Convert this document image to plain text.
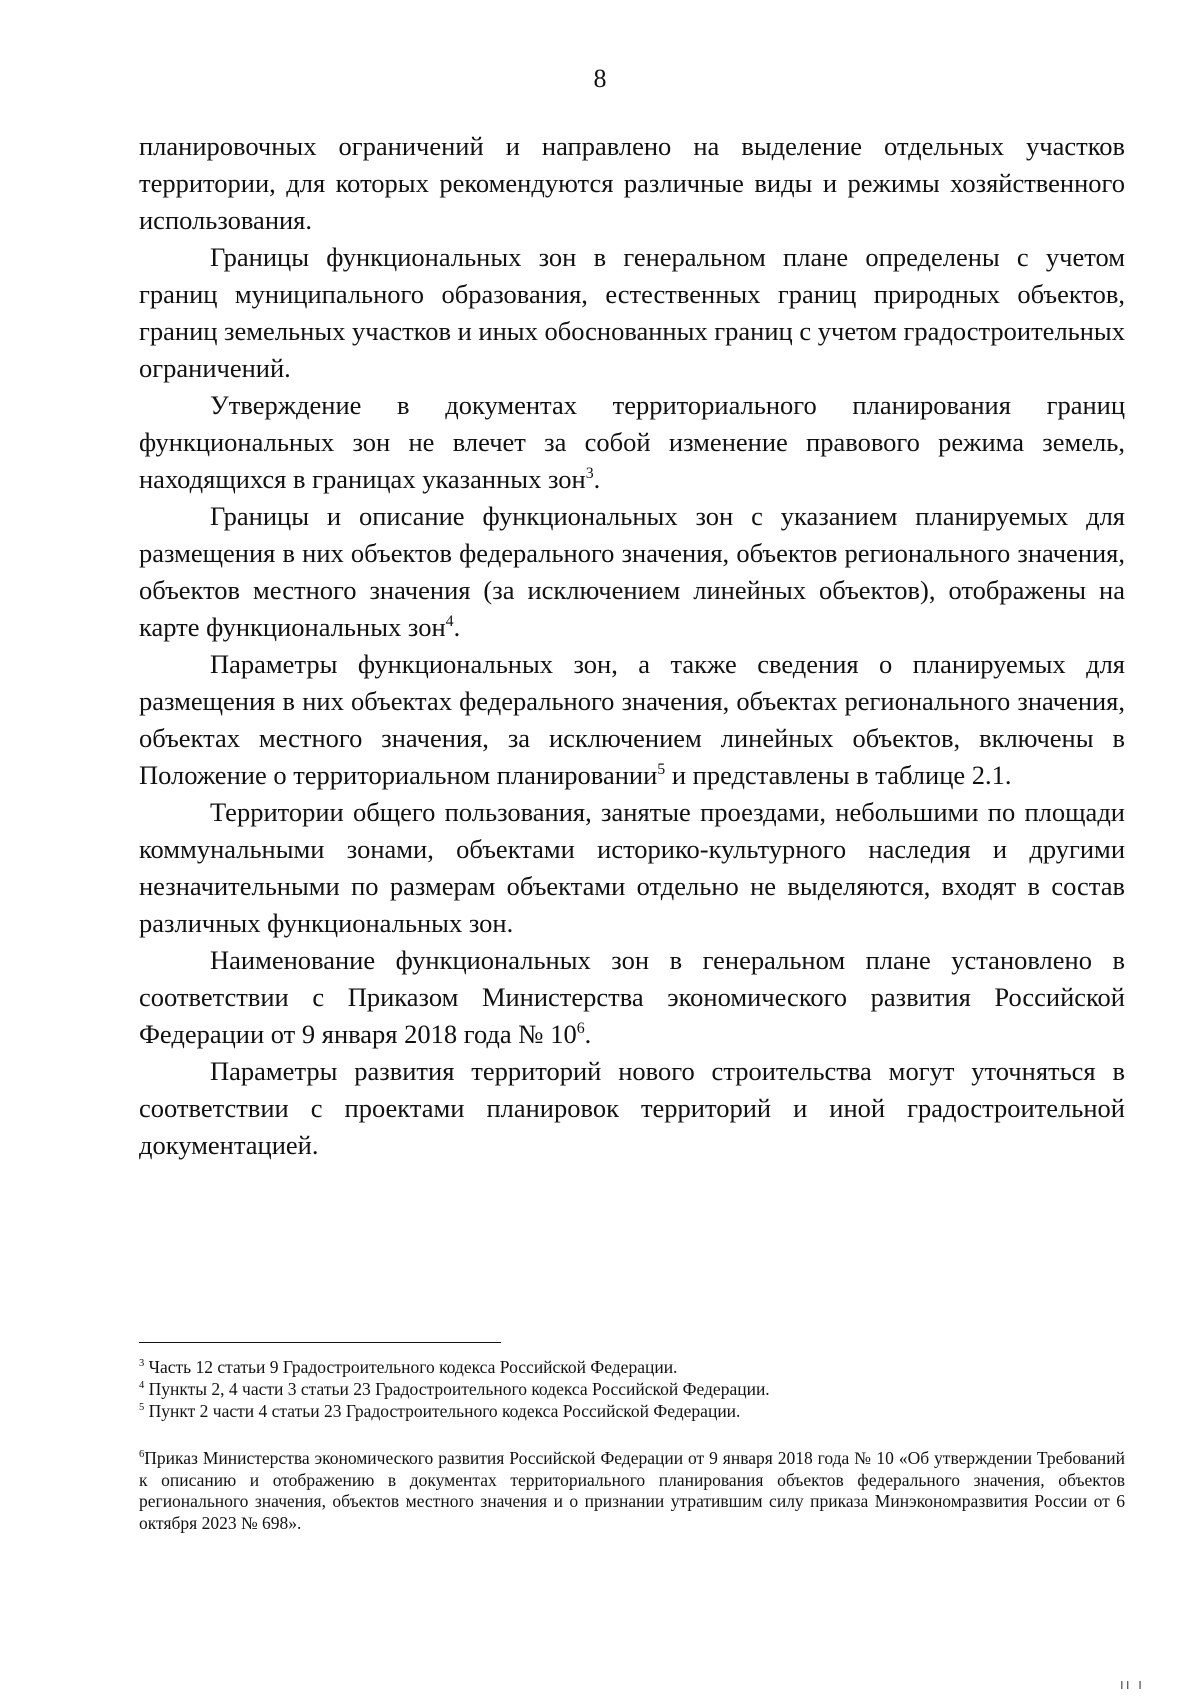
8

планировочных ограничений и направлено на выделение отдельных участков территории, для которых рекомендуются различные виды и режимы хозяйственного использования.

Границы функциональных зон в генеральном плане определены с учетом границ муниципального образования, естественных границ природных объектов, границ земельных участков и иных обоснованных границ с учетом градостроительных ограничений.

Утверждение в документах территориального планирования границ функциональных зон не влечет за собой изменение правового режима земель, находящихся в границах указанных зон$^3$.

Границы и описание функциональных зон с указанием планируемых для размещения в них объектов федерального значения, объектов регионального значения, объектов местного значения (за исключением линейных объектов), отображены на карте функциональных зон$^4$.

Параметры функциональных зон, а также сведения о планируемых для размещения в них объектах федерального значения, объектах регионального значения, объектах местного значения, за исключением линейных объектов, включены в Положение о территориальном планировании$^5$ и представлены в таблице 2.1.

Территории общего пользования, занятые проездами, небольшими по площади коммунальными зонами, объектами историко-культурного наследия и другими незначительными по размерам объектами отдельно не выделяются, входят в состав различных функциональных зон.

Наименование функциональных зон в генеральном плане установлено в соответствии с Приказом Министерства экономического развития Российской Федерации от 9 января 2018 года № $10^6$.

Параметры развития территорий нового строительства могут уточняться в соответствии с проектами планировок территорий и иной градостроительной документацией.

$^3$ Часть 12 статьи 9 Градостроительного кодекса Российской Федерации.

$^4$ Пункты 2, 4 части 3 статьи 23 Градостроительного кодекса Российской Федерации.

$^5$ Пункт 2 части 4 статьи 23 Градостроительного кодекса Российской Федерации.

$^6$Приказ Министерства экономического развития Российской Федерации от 9 января 2018 года № 10 «Об утверждении Требований к описанию и отображению в документах территориального планирования объектов федерального значения, объектов регионального значения, объектов местного значения и о признании утратившим силу приказа Минэкономразвития России от 6 октября 2023 № 698».

ıı ı
